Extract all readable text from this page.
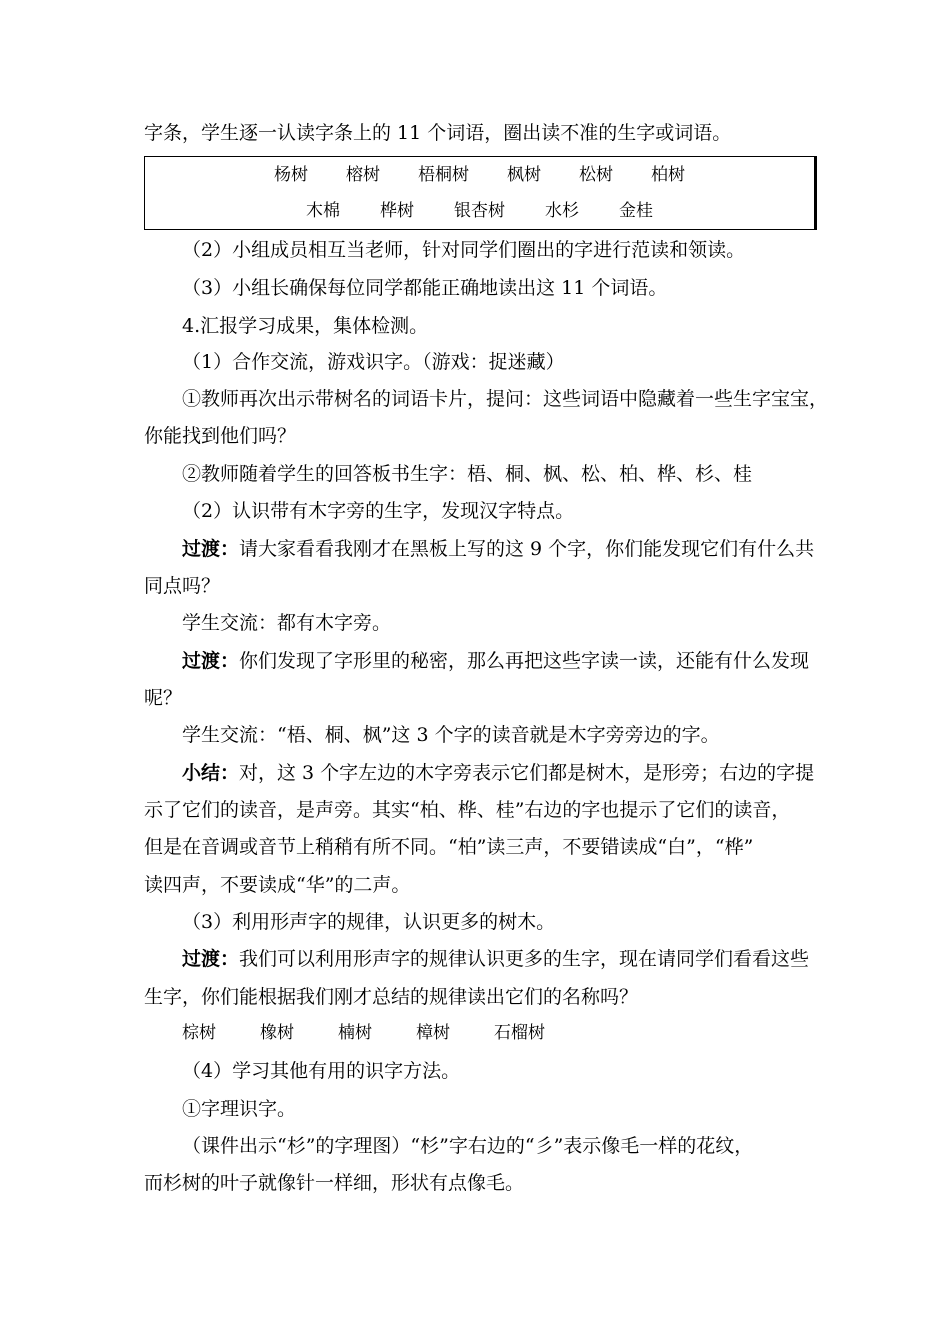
字条，学生逐一认读字条上的 11 个词语，圈出读不准的生字或词语。
杨树 榕树 梧桐树 枫树 松树 柏树
木棉 桦树 银杏树 水杉 金桂
（2）小组成员相互当老师，针对同学们圈出的字进行范读和领读。
（3）小组长确保每位同学都能正确地读出这 11 个词语。
4.汇报学习成果，集体检测。
（1）合作交流，游戏识字。（游戏：捉迷藏）
①教师再次出示带树名的词语卡片，提问：这些词语中隐藏着一些生字宝宝，
你能找到他们吗？
②教师随着学生的回答板书生字：梧、桐、枫、松、柏、桦、杉、桂
（2）认识带有木字旁的生字，发现汉字特点。
过渡：请大家看看我刚才在黑板上写的这 9 个字，你们能发现它们有什么共
同点吗？
学生交流：都有木字旁。
过渡：你们发现了字形里的秘密，那么再把这些字读一读，还能有什么发现
呢？
学生交流：“梧、桐、枫”这 3 个字的读音就是木字旁旁边的字。
小结：对，这 3 个字左边的木字旁表示它们都是树木，是形旁；右边的字提
示了它们的读音，是声旁。其实“柏、桦、桂”右边的字也提示了它们的读音，
但是在音调或音节上稍稍有所不同。“柏”读三声，不要错读成“白”，“桦”
读四声，不要读成“华”的二声。
（3）利用形声字的规律，认识更多的树木。
过渡：我们可以利用形声字的规律认识更多的生字，现在请同学们看看这些
生字，你们能根据我们刚才总结的规律读出它们的名称吗？
棕树	橡树	楠树	樟树	石榴树
（4）学习其他有用的识字方法。
①字理识字。
（课件出示“杉”的字理图）“杉”字右边的“彡”表示像毛一样的花纹，
而杉树的叶子就像针一样细，形状有点像毛。
